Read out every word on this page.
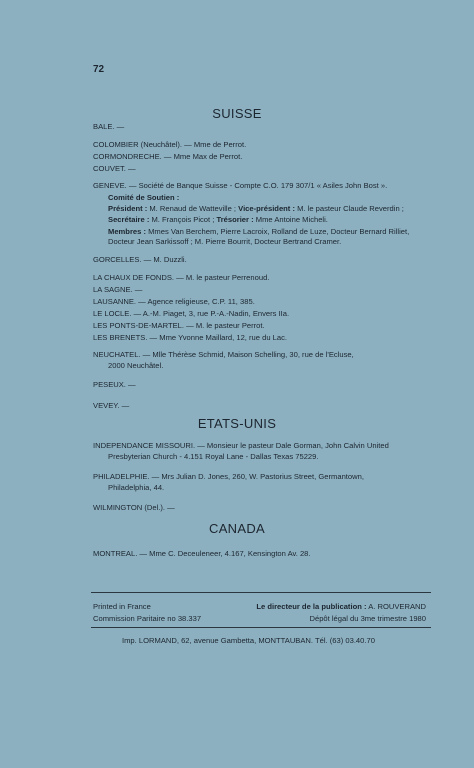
72
SUISSE
BALE. —
COLOMBIER (Neuchâtel). — Mme de Perrot.
CORMONDRECHE. — Mme Max de Perrot.
COUVET. —
GENEVE. — Société de Banque Suisse - Compte C.O. 179 307/1 « Asiles John Bost ».
Comité de Soutien :
Président : M. Renaud de Watteville ; Vice-président : M. le pasteur Claude Reverdin ;
Secrétaire : M. François Picot ; Trésorier : Mme Antoine Micheli.
Membres : Mmes Van Berchem, Pierre Lacroix, Rolland de Luze, Docteur Bernard Rilliet,
Docteur Jean Sarkissoff ; M. Pierre Bourrit, Docteur Bertrand Cramer.
GORCELLES. — M. Duzzli.
LA CHAUX DE FONDS. — M. le pasteur Perrenoud.
LA SAGNE. —
LAUSANNE. — Agence religieuse, C.P. 11, 385.
LE LOCLE. — A.-M. Piaget, 3, rue P.-A.-Nadin, Envers IIa.
LES PONTS-DE-MARTEL. — M. le pasteur Perrot.
LES BRENETS. — Mme Yvonne Maillard, 12, rue du Lac.
NEUCHATEL. — Mlle Thérèse Schmid, Maison Schelling, 30, rue de l'Ecluse,
2000 Neuchâtel.
PESEUX. —
VEVEY. —
ETATS-UNIS
INDEPENDANCE MISSOURI. — Monsieur le pasteur Dale Gorman, John Calvin United
Presbyterian Church - 4.151 Royal Lane - Dallas Texas 75229.
PHILADELPHIE. — Mrs Julian D. Jones, 260, W. Pastorius Street, Germantown,
Philadelphia, 44.
WILMINGTON (Del.). —
CANADA
MONTREAL. — Mme C. Deceuleneer, 4.167, Kensington Av. 28.
Printed in France
Commission Paritaire no 38.337
Le directeur de la publication : A. ROUVERAND
Dépôt légal du 3me trimestre 1980
Imp. LORMAND, 62, avenue Gambetta, MONTTAUBAN. Tél. (63) 03.40.70
